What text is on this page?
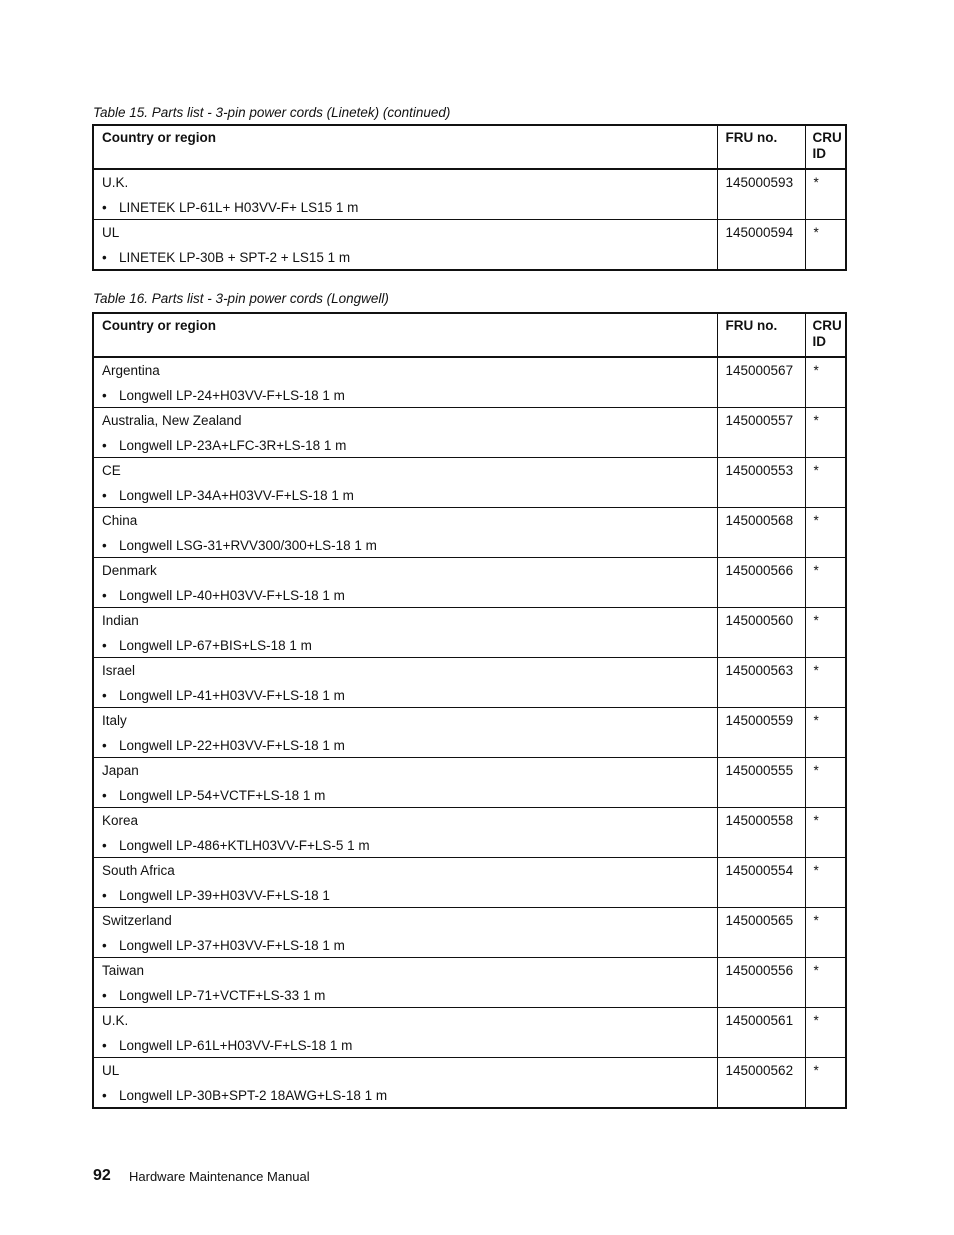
Table 15. Parts list - 3-pin power cords (Linetek) (continued)
Country or region	FRU no.	CRU ID

U.K.
• LINETEK LP-61L+ H03VV-F+ LS15 1 m	145000593	*

UL
• LINETEK LP-30B + SPT-2 + LS15 1 m	145000594	*
Table 16. Parts list - 3-pin power cords (Longwell)
Country or region	FRU no.	CRU ID

Argentina
• Longwell LP-24+H03VV-F+LS-18 1 m	145000567	*

Australia, New Zealand
• Longwell LP-23A+LFC-3R+LS-18 1 m	145000557	*

CE
• Longwell LP-34A+H03VV-F+LS-18 1 m	145000553	*

China
• Longwell LSG-31+RVV300/300+LS-18 1 m	145000568	*

Denmark
• Longwell LP-40+H03VV-F+LS-18 1 m	145000566	*

Indian
• Longwell LP-67+BIS+LS-18 1 m	145000560	*

Israel
• Longwell LP-41+H03VV-F+LS-18 1 m	145000563	*

Italy
• Longwell LP-22+H03VV-F+LS-18 1 m	145000559	*

Japan
• Longwell LP-54+VCTF+LS-18 1 m	145000555	*

Korea
• Longwell LP-486+KTLH03VV-F+LS-5 1 m	145000558	*

South Africa
• Longwell LP-39+H03VV-F+LS-18 1	145000554	*

Switzerland
• Longwell LP-37+H03VV-F+LS-18 1 m	145000565	*

Taiwan
• Longwell LP-71+VCTF+LS-33 1 m	145000556	*

U.K.
• Longwell LP-61L+H03VV-F+LS-18 1 m	145000561	*

UL
• Longwell LP-30B+SPT-2 18AWG+LS-18 1 m	145000562	*
92 Hardware Maintenance Manual
